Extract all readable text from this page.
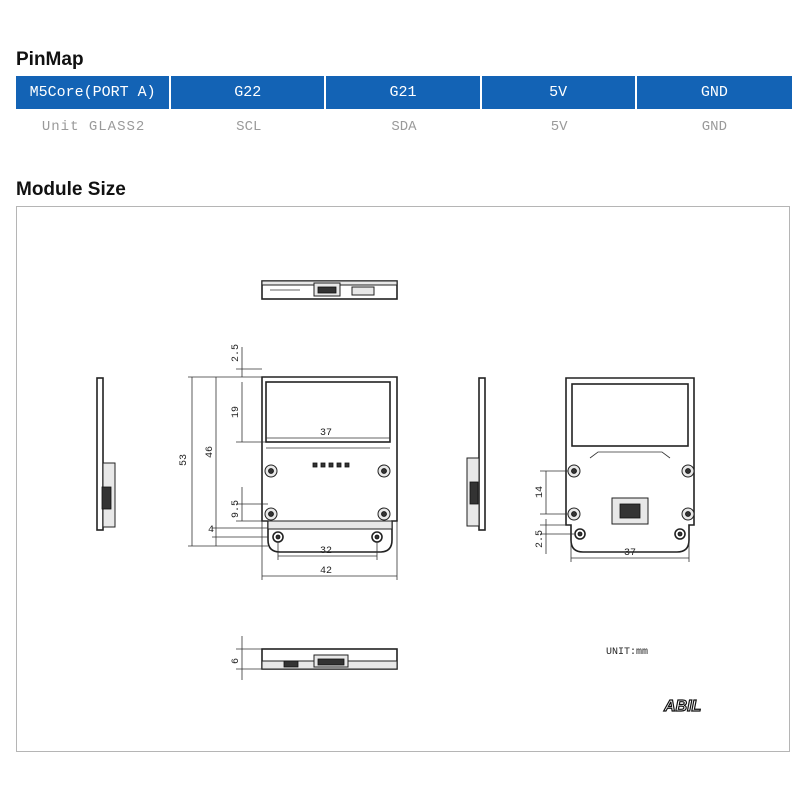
PinMap
M5Core(PORT A)	G22	G21	5V	GND
Unit GLASS2	SCL	SDA	5V	GND
Module Size
2.5
19
46
53
9.5
4
37
32
42
14
2.5
37
6
UNIT:mm
ABIL
